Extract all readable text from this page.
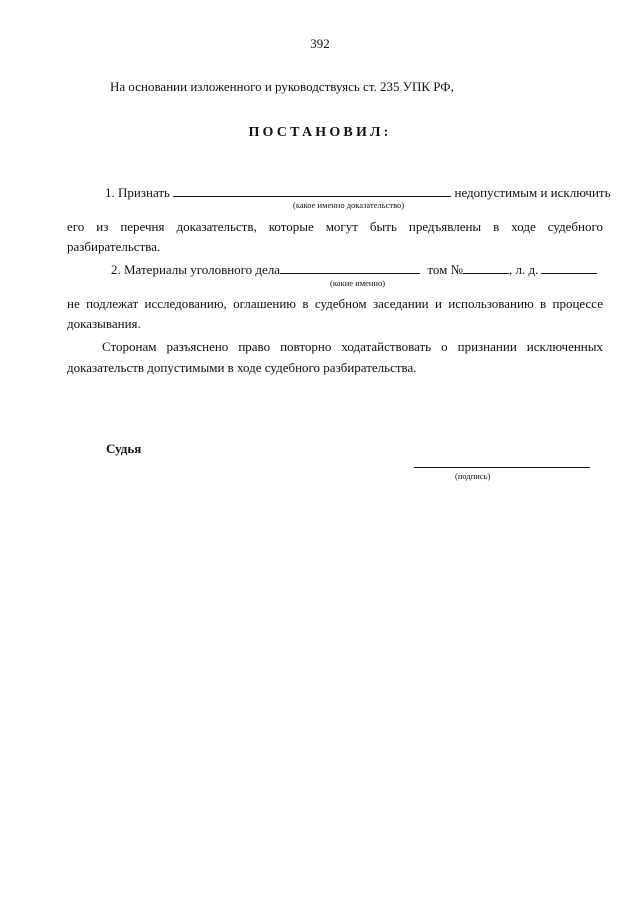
392
На основании изложенного и руководствуясь ст. 235 УПК РФ,
ПОСТАНОВИЛ:
1. Признать	недопустимым и исключить
(какое именно доказательство)
его из перечня доказательств, которые могут быть предъявлены в ходе судебного
разбирательства.
2. Материалы уголовного дела	том №	, л. д.
(какие именно)
не подлежат исследованию, оглашению в судебном заседании и использованию в процессе
доказывания.
Сторонам разъяснено право повторно ходатайствовать о признании исключенных
доказательств допустимыми в ходе судебного разбирательства.
Судья
(подпись)
